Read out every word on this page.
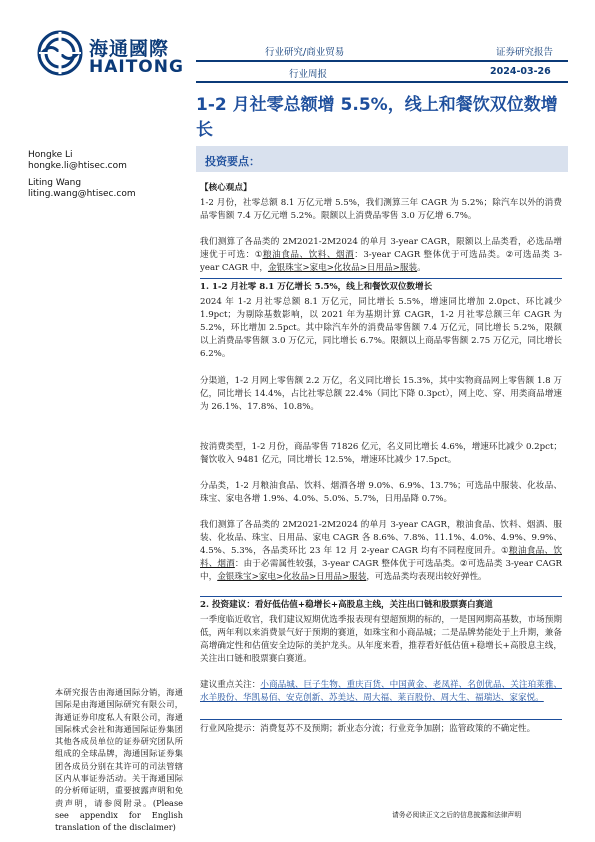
海通國際
HAITONG
行业研究/商业贸易	证券研究报告
行业周报	2024-03-26
1-2 月社零总额增 5.5%，线上和餐饮双位数增长
Hongke Li
hongke.li@htisec.com
Liting Wang
liting.wang@htisec.com
投资要点：
【核心观点】

1-2 月份，社零总额 8.1 万亿元增 5.5%，我们测算三年 CAGR 为 5.2%；除汽车以外的消费品零售额 7.4 万亿元增 5.2%。限额以上消费品零售 3.0 万亿增 6.7%。

我们测算了各品类的 2M2021-2M2024 的单月 3-year CAGR，限额以上品类看，必选品增速优于可选：①粮油食品、饮料、烟酒：3-year CAGR 整体优于可选品类。②可选品类 3-year CAGR 中，金银珠宝>家电>化妆品>日用品>服装。

1. 1-2 月社零 8.1 万亿增长 5.5%，线上和餐饮双位数增长

2024 年 1-2 月社零总额 8.1 万亿元，同比增长 5.5%，增速同比增加 2.0pct、环比减少 1.9pct；为剔除基数影响，以 2021 年为基期计算 CAGR，1-2 月社零总额三年 CAGR 为 5.2%，环比增加 2.5pct。其中除汽车外的消费品零售额 7.4 万亿元，同比增长 5.2%，限额以上消费品零售额 3.0 万亿元，同比增长 6.7%。限额以上商品零售额 2.75 万亿元，同比增长 6.2%。

分渠道，1-2 月网上零售额 2.2 万亿，名义同比增长 15.3%，其中实物商品网上零售额 1.8 万亿，同比增长 14.4%，占比社零总额 22.4%（同比下降 0.3pct），网上吃、穿、用类商品增速为 26.1%、17.8%、10.8%。

按消费类型，1-2 月份，商品零售 71826 亿元，名义同比增长 4.6%，增速环比减少 0.2pct；餐饮收入 9481 亿元，同比增长 12.5%，增速环比减少 17.5pct。

分品类，1-2 月粮油食品、饮料、烟酒各增 9.0%、6.9%、13.7%；可选品中服装、化妆品、珠宝、家电各增 1.9%、4.0%、5.0%、5.7%，日用品降 0.7%。

我们测算了各品类的 2M2021-2M2024 的单月 3-year CAGR，粮油食品、饮料、烟酒、服装、化妆品、珠宝、日用品、家电 CAGR 各 8.6%、7.8%、11.1%、4.0%、4.9%、9.9%、4.5%、5.3%，各品类环比 23 年 12 月 2-year CAGR 均有不同程度回升。①粮油食品、饮料、烟酒：由于必需属性较强，3-year CAGR 整体优于可选品类。②可选品类 3-year CAGR 中，金银珠宝>家电>化妆品>日用品>服装，可选品类均表现出较好弹性。

2. 投资建议：看好低估值+稳增长+高股息主线，关注出口链和股票赛白赛道

一季度临近收官，我们建议短期优选季报表现有望超预期的标的，一是国网期高基数，市场预期低，两年利以来消费景气好于预期的赛道，如珠宝和小商品城；二是品牌势能处于上升期，兼备高增确定性和估值安全边际的美护龙头。从年度来看，推荐看好低估值+稳增长+高股息主线，关注出口链和股票赛白赛道。

建议重点关注：小商品城、巨子生物、重庆百货、中国黄金、老凤祥、名创优品、关注珀莱雅、水羊股份、华凯易佰、安克创新、苏美达、周大福、莱百股份、周大生、福瑞达、家家悦。

行业风险提示：消费复苏不及预期；新业态分流；行业竞争加剧；监管政策的不确定性。

本研究报告由海通国际分销，海通国际是由海通国际研究有限公司，海通证券印度私人有限公司，海通国际株式会社和海通国际证券集团其他各成员单位的证券研究团队所组成的全球品牌，海通国际证券集团各成员分别在其许可的司法管辖区内从事证券活动。关于海通国际的分析师证明，重要披露声明和免责声明，请参阅附录。(Please see appendix for English translation of the disclaimer)
请务必阅读正文之后的信息披露和法律声明
